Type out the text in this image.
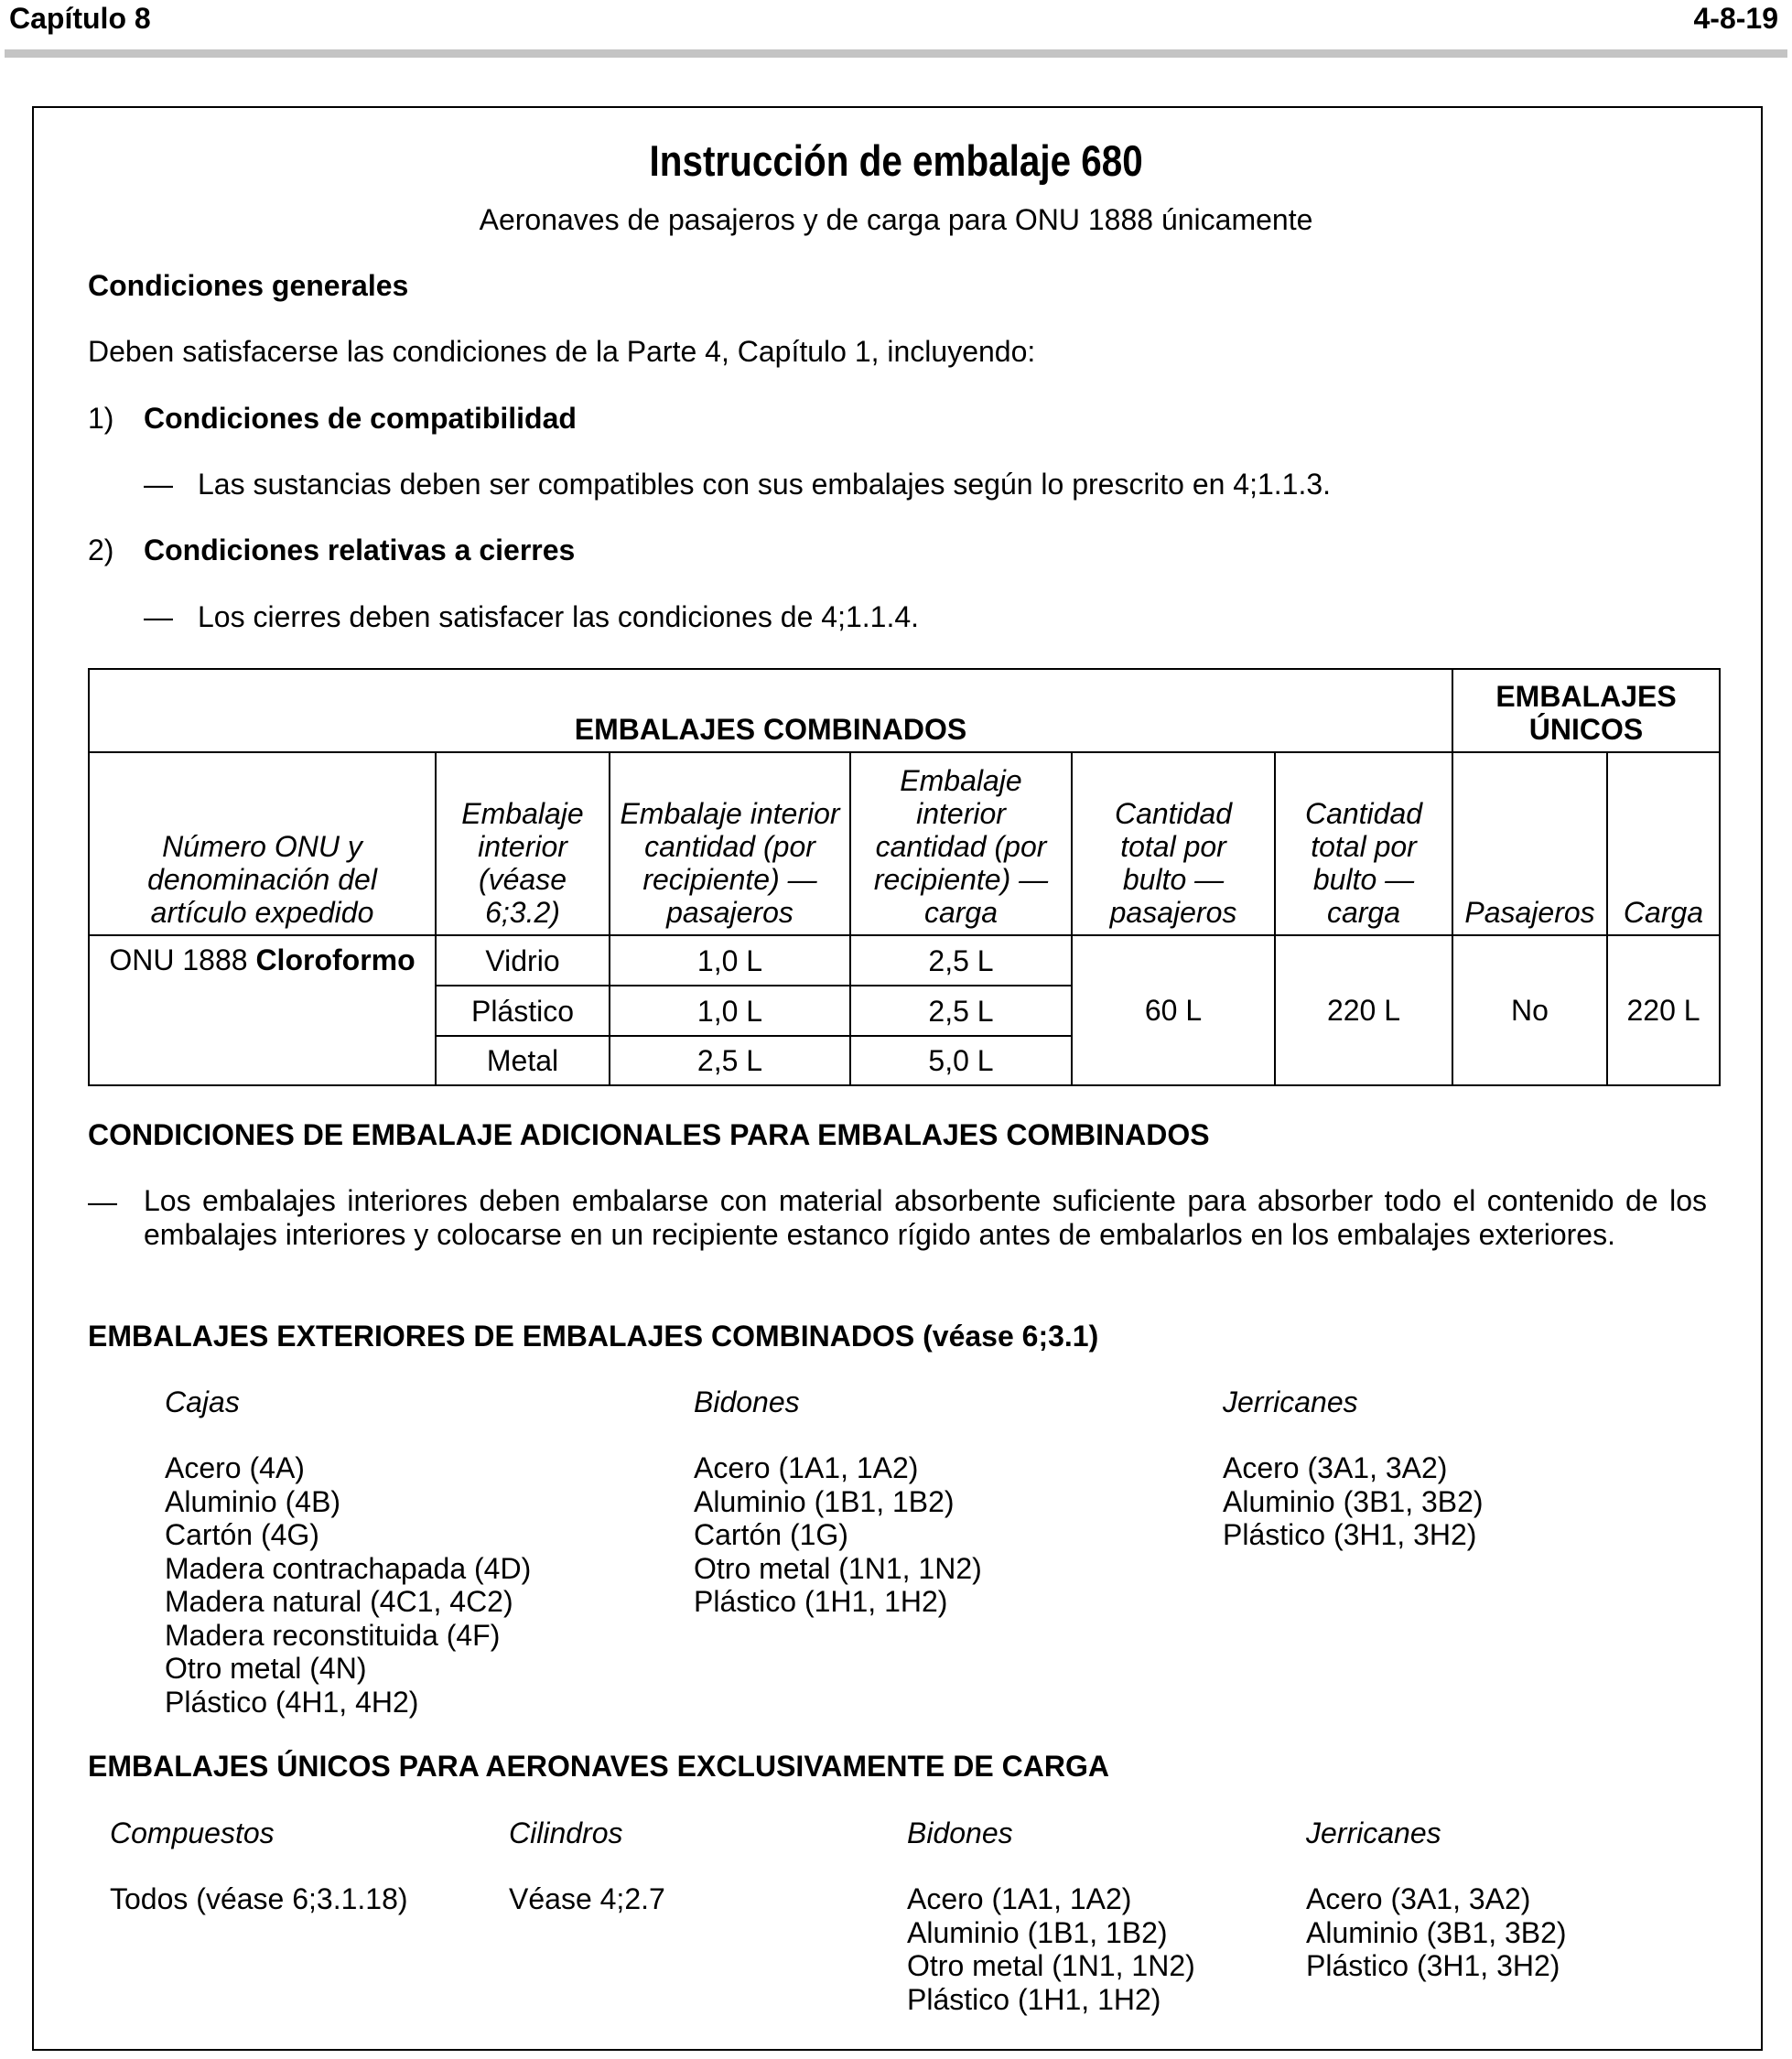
Capítulo 8	4-8-19
Instrucción de embalaje 680
Aeronaves de pasajeros y de carga para ONU 1888 únicamente
Condiciones generales
Deben satisfacerse las condiciones de la Parte 4, Capítulo 1, incluyendo:
1) Condiciones de compatibilidad
— Las sustancias deben ser compatibles con sus embalajes según lo prescrito en 4;1.1.3.
2) Condiciones relativas a cierres
— Los cierres deben satisfacer las condiciones de 4;1.1.4.
EMBALAJES COMBINADOS						EMBALAJES ÚNICOS	
Número ONU y denominación del artículo expedido	Embalaje interior (véase 6;3.2)	Embalaje interior cantidad (por recipiente) — pasajeros	Embalaje interior cantidad (por recipiente) — carga	Cantidad total por bulto — pasajeros	Cantidad total por bulto — carga	Pasajeros	Carga
ONU 1888 Cloroformo	Vidrio	1,0 L	2,5 L	60 L	220 L	No	220 L
	Plástico	1,0 L	2,5 L				
	Metal	2,5 L	5,0 L				
CONDICIONES DE EMBALAJE ADICIONALES PARA EMBALAJES COMBINADOS
— Los embalajes interiores deben embalarse con material absorbente suficiente para absorber todo el contenido de los embalajes interiores y colocarse en un recipiente estanco rígido antes de embalarlos en los embalajes exteriores.
EMBALAJES EXTERIORES DE EMBALAJES COMBINADOS (véase 6;3.1)
Cajas
Acero (4A)
Aluminio (4B)
Cartón (4G)
Madera contrachapada (4D)
Madera natural (4C1, 4C2)
Madera reconstituida (4F)
Otro metal (4N)
Plástico (4H1, 4H2)
Bidones
Acero (1A1, 1A2)
Aluminio (1B1, 1B2)
Cartón (1G)
Otro metal (1N1, 1N2)
Plástico (1H1, 1H2)
Jerricanes
Acero (3A1, 3A2)
Aluminio (3B1, 3B2)
Plástico (3H1, 3H2)
EMBALAJES ÚNICOS PARA AERONAVES EXCLUSIVAMENTE DE CARGA
Compuestos
Todos (véase 6;3.1.18)
Cilindros
Véase 4;2.7
Bidones
Acero (1A1, 1A2)
Aluminio (1B1, 1B2)
Otro metal (1N1, 1N2)
Plástico (1H1, 1H2)
Jerricanes
Acero (3A1, 3A2)
Aluminio (3B1, 3B2)
Plástico (3H1, 3H2)
